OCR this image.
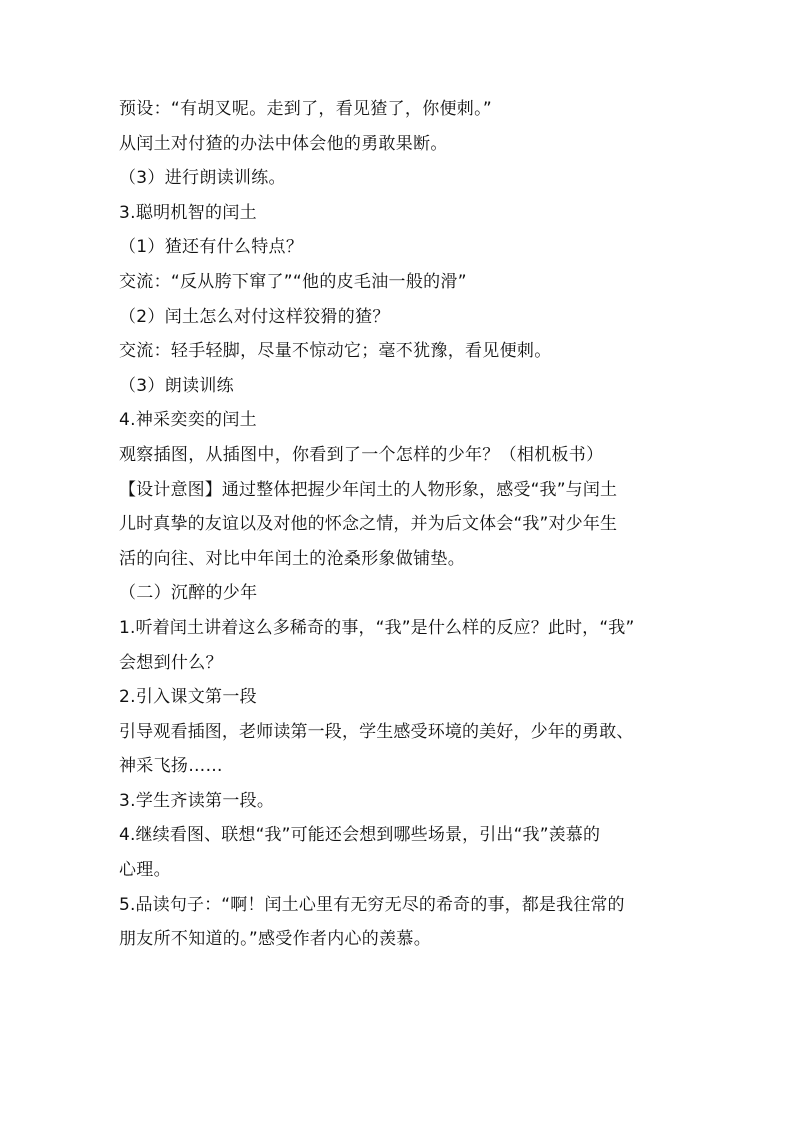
预设：“有胡叉呢。走到了，看见猹了，你便刺。”
从闰土对付猹的办法中体会他的勇敢果断。
（3）进行朗读训练。
3.聪明机智的闰土
（1）猹还有什么特点？
交流：“反从胯下窜了”“他的皮毛油一般的滑”
（2）闰土怎么对付这样狡猾的猹？
交流：轻手轻脚，尽量不惊动它；毫不犹豫，看见便刺。
（3）朗读训练
4.神采奕奕的闰土
观察插图，从插图中，你看到了一个怎样的少年？（相机板书）
【设计意图】通过整体把握少年闰土的人物形象，感受“我”与闰土
儿时真挚的友谊以及对他的怀念之情，并为后文体会“我”对少年生
活的向往、对比中年闰土的沧桑形象做铺垫。
（二）沉醉的少年
1.听着闰土讲着这么多稀奇的事，“我”是什么样的反应？此时，“我”
会想到什么？
2.引入课文第一段
引导观看插图，老师读第一段，学生感受环境的美好，少年的勇敢、
神采飞扬……
3.学生齐读第一段。
4.继续看图、联想“我”可能还会想到哪些场景，引出“我”羡慕的
心理。
5.品读句子：“啊！闰土心里有无穷无尽的希奇的事，都是我往常的
朋友所不知道的。”感受作者内心的羡慕。
